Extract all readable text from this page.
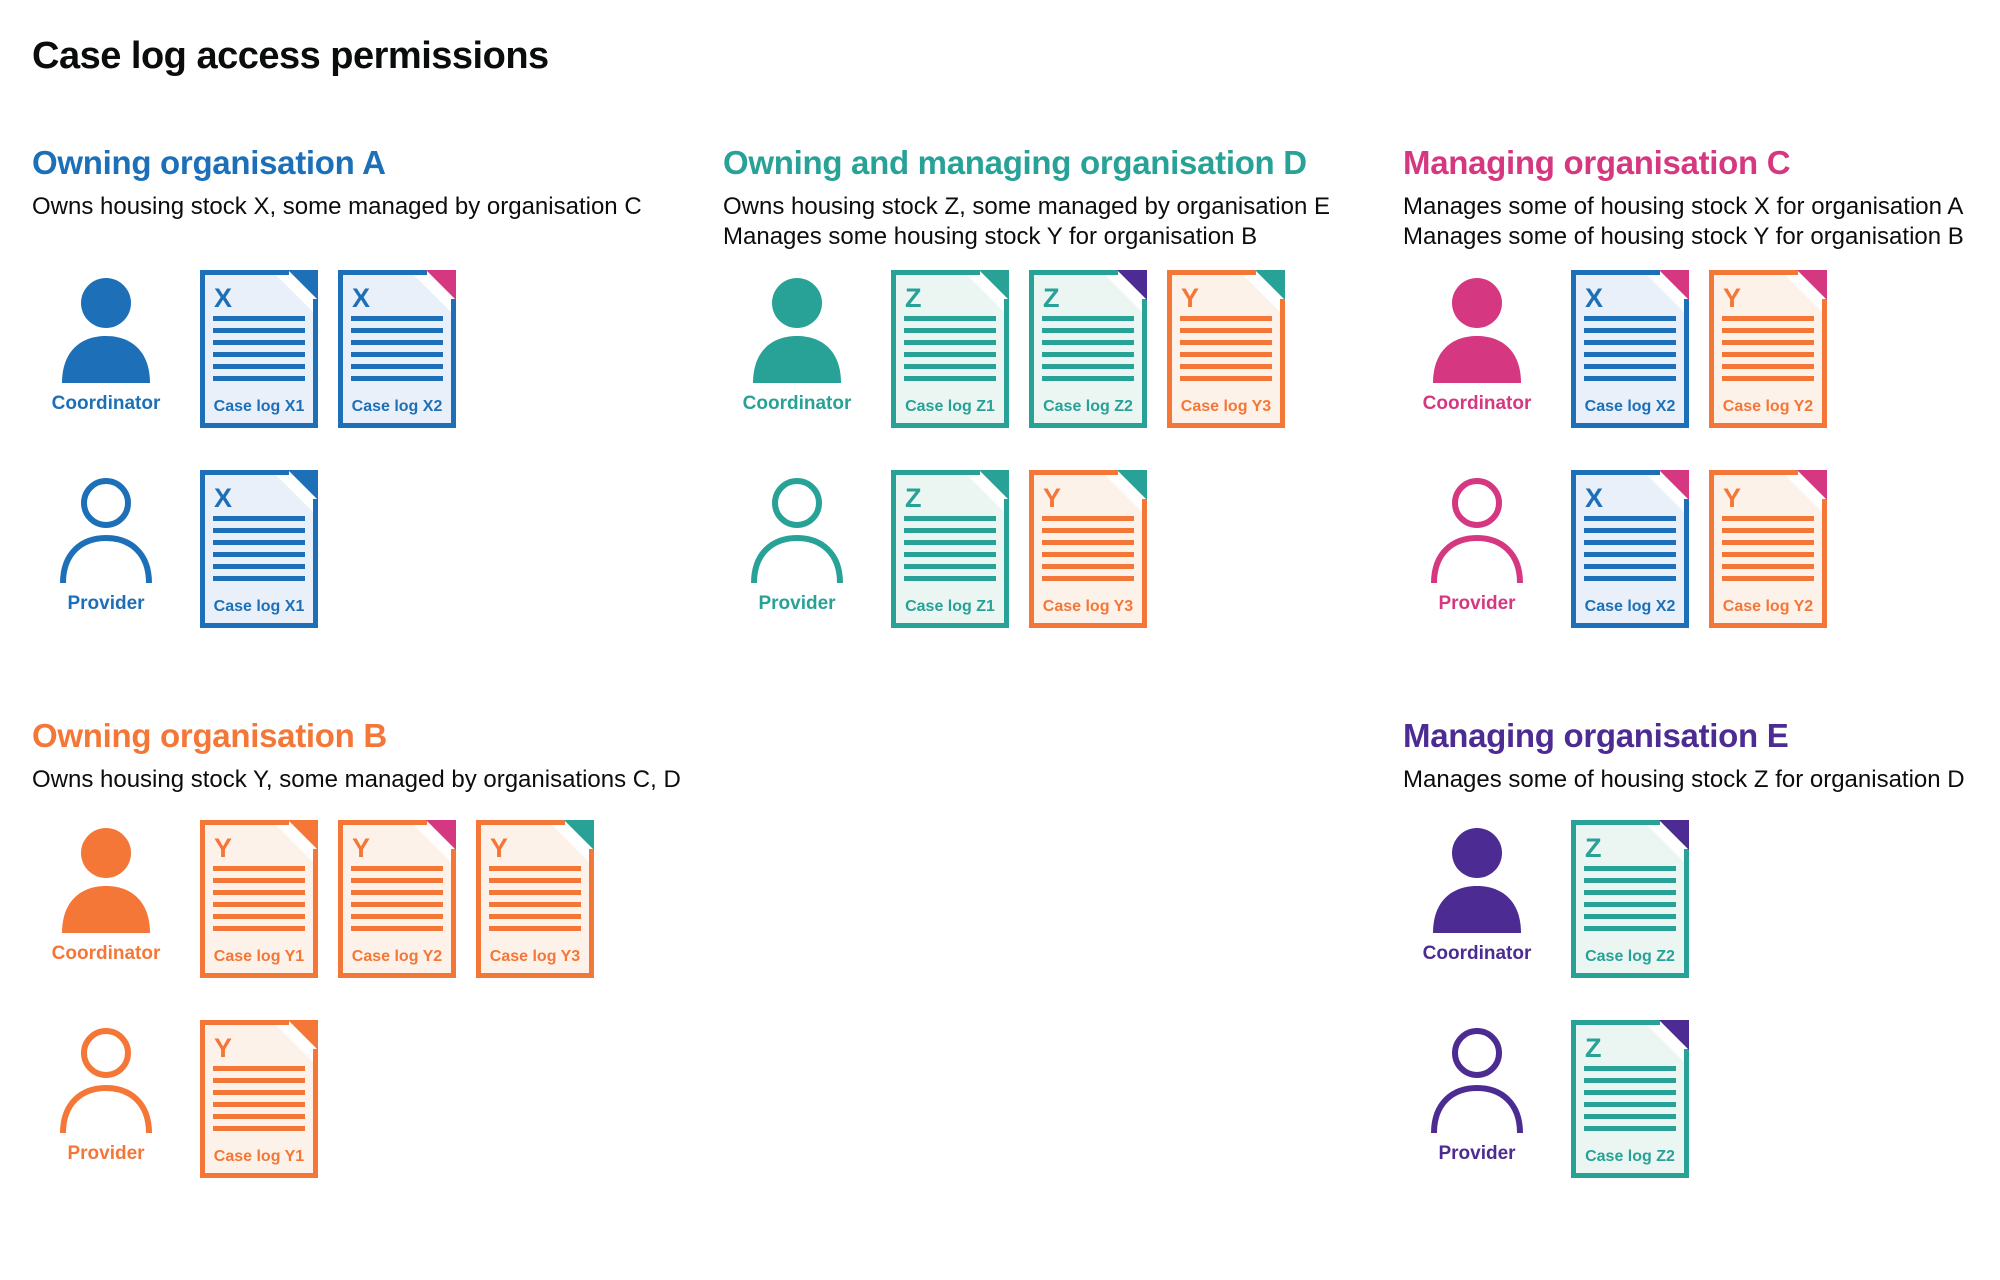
Case log access permissions
Owning organisation A
Owns housing stock X, some managed by organisation C
Coordinator
X
Case log X1
X
Case log X2
Provider
X
Case log X1
Owning and managing organisation D
Owns housing stock Z, some managed by organisation E
Manages some housing stock Y for organisation B
Coordinator
Z
Case log Z1
Z
Case log Z2
Y
Case log Y3
Provider
Z
Case log Z1
Y
Case log Y3
Managing organisation C
Manages some of housing stock X for organisation A
Manages some of housing stock Y for organisation B
Coordinator
X
Case log X2
Y
Case log Y2
Provider
X
Case log X2
Y
Case log Y2
Owning organisation B
Owns housing stock Y, some managed by organisations C, D
Coordinator
Y
Case log Y1
Y
Case log Y2
Y
Case log Y3
Provider
Y
Case log Y1
Managing organisation E
Manages some of housing stock Z for organisation D
Coordinator
Z
Case log Z2
Provider
Z
Case log Z2
